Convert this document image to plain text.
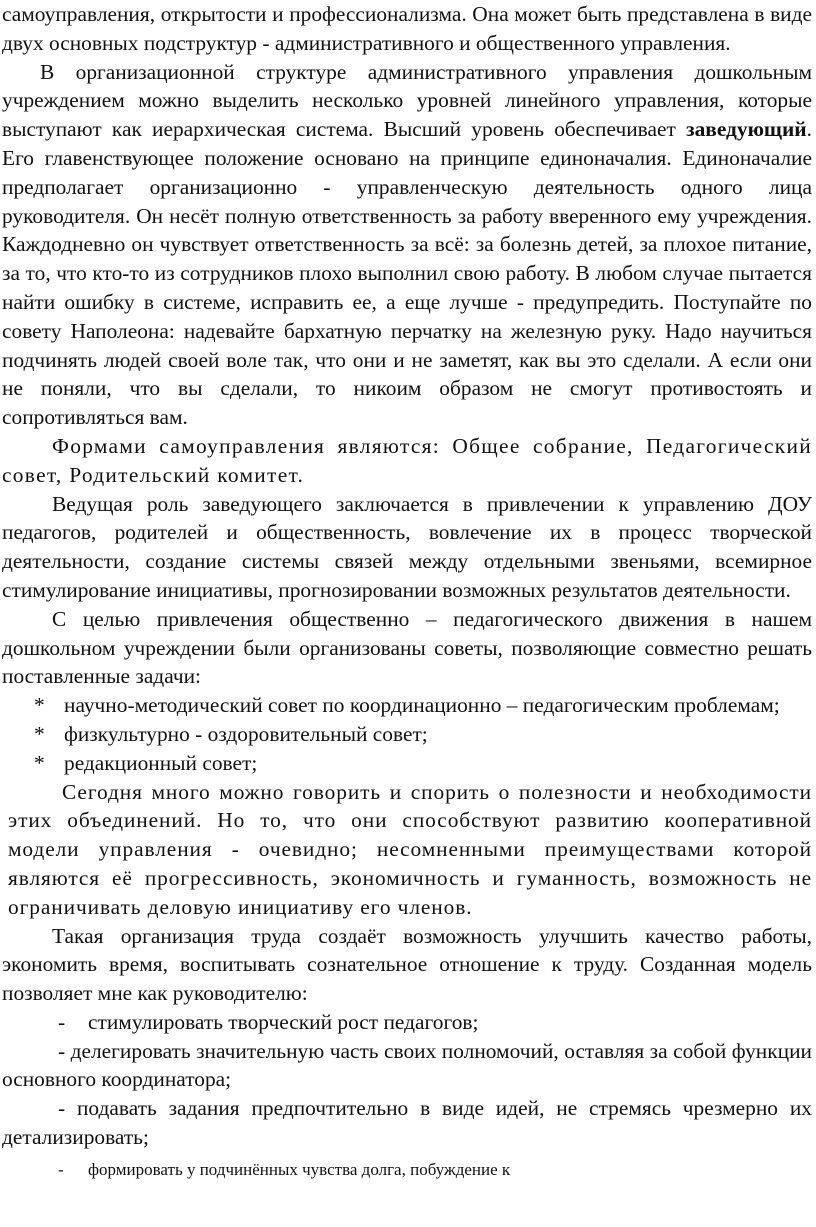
самоуправления, открытости и профессионализма. Она может быть представлена в виде двух основных подструктур - административного и общественного управления.

В организационной структуре административного управления дошкольным учреждением можно выделить несколько уровней линейного управления, которые выступают как иерархическая система. Высший уровень обеспечивает заведующий. Его главенствующее положение основано на принципе единоначалия. Единоначалие предполагает организационно - управленческую деятельность одного лица руководителя. Он несёт полную ответственность за работу вверенного ему учреждения. Каждодневно он чувствует ответственность за всё: за болезнь детей, за плохое питание, за то, что кто-то из сотрудников плохо выполнил свою работу. В любом случае пытается найти ошибку в системе, исправить ее, а еще лучше - предупредить. Поступайте по совету Наполеона: надевайте бархатную перчатку на железную руку. Надо научиться подчинять людей своей воле так, что они и не заметят, как вы это сделали. А если они не поняли, что вы сделали, то никоим образом не смогут противостоять и сопротивляться вам.

Формами самоуправления являются: Общее собрание, Педагогический совет, Родительский комитет.

Ведущая роль заведующего заключается в привлечении к управлению ДОУ педагогов, родителей и общественность, вовлечение их в процесс творческой деятельности, создание системы связей между отдельными звеньями, всемирное стимулирование инициативы, прогнозировании возможных результатов деятельности.

С целью привлечения общественно – педагогического движения в нашем дошкольном учреждении были организованы советы, позволяющие совместно решать поставленные задачи:

* научно-методический совет по координационно – педагогическим проблемам;
* физкультурно - оздоровительный совет;
* редакционный совет;

Сегодня много можно говорить и спорить о полезности и необходимости этих объединений. Но то, что они способствуют развитию кооперативной модели управления - очевидно; несомненными преимуществами которой являются её прогрессивность, экономичность и гуманность, возможность не ограничивать деловую инициативу его членов.

Такая организация труда создаёт возможность улучшить качество работы, экономить время, воспитывать сознательное отношение к труду. Созданная модель позволяет мне как руководителю:

- стимулировать творческий рост педагогов;

- делегировать значительную часть своих полномочий, оставляя за собой функции основного координатора;

- подавать задания предпочтительно в виде идей, не стремясь чрезмерно их детализировать;

- формировать у подчинённых чувства долга, побуждение к
